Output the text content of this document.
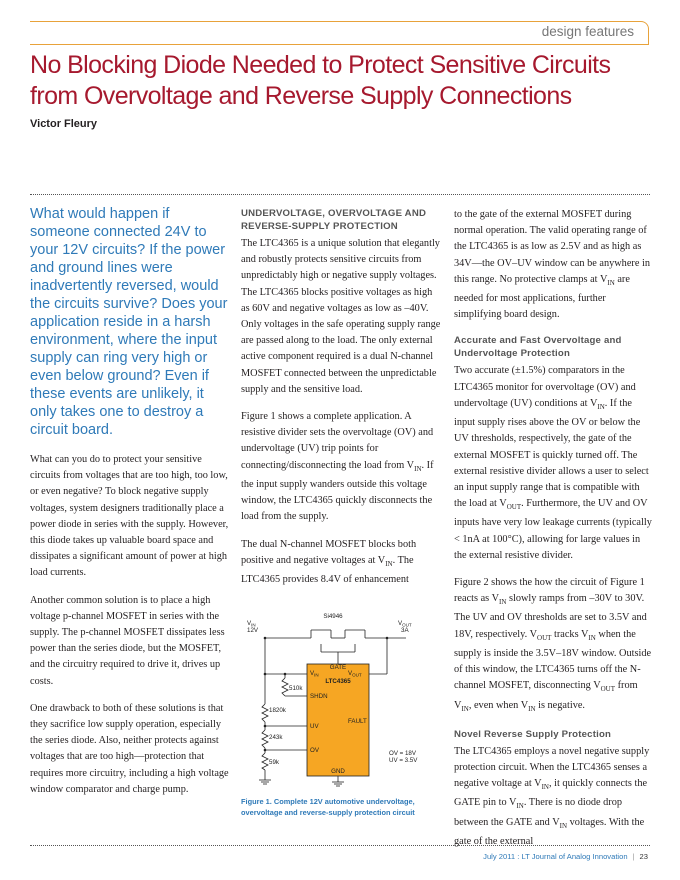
design features
No Blocking Diode Needed to Protect Sensitive Circuits from Overvoltage and Reverse Supply Connections
Victor Fleury
What would happen if someone connected 24V to your 12V circuits? If the power and ground lines were inadvertently reversed, would the circuits survive? Does your application reside in a harsh environment, where the input supply can ring very high or even below ground? Even if these events are unlikely, it only takes one to destroy a circuit board.

What can you do to protect your sensitive circuits from voltages that are too high, too low, or even negative? To block negative supply voltages, system designers traditionally place a power diode in series with the supply. However, this diode takes up valuable board space and dissipates a significant amount of power at high load currents.

Another common solution is to place a high voltage p-channel MOSFET in series with the supply. The p-channel MOSFET dissipates less power than the series diode, but the MOSFET, and the circuitry required to drive it, drives up costs.

One drawback to both of these solutions is that they sacrifice low supply operation, especially the series diode. Also, neither protects against voltages that are too high—protection that requires more circuitry, including a high voltage window comparator and charge pump.

UNDERVOLTAGE, OVERVOLTAGE AND REVERSE-SUPPLY PROTECTION

The LTC4365 is a unique solution that elegantly and robustly protects sensitive circuits from unpredictably high or negative supply voltages. The LTC4365 blocks positive voltages as high as 60V and negative voltages as low as –40V. Only voltages in the safe operating supply range are passed along to the load. The only external active component required is a dual N-channel MOSFET connected between the unpredictable supply and the sensitive load.

Figure 1 shows a complete application. A resistive divider sets the overvoltage (OV) and undervoltage (UV) trip points for connecting/disconnecting the load from $V_{IN}$. If the input supply wanders outside this voltage window, the LTC4365 quickly disconnects the load from the supply.

The dual N-channel MOSFET blocks both positive and negative voltages at $V_{IN}$. The LTC4365 provides 8.4V of enhancement

to the gate of the external MOSFET during normal operation. The valid operating range of the LTC4365 is as low as 2.5V and as high as 34V—the OV–UV window can be anywhere in this range. No protective clamps at $V_{IN}$ are needed for most applications, further simplifying board design.

Accurate and Fast Overvoltage and Undervoltage Protection

Two accurate (±1.5%) comparators in the LTC4365 monitor for overvoltage (OV) and undervoltage (UV) conditions at $V_{IN}$. If the input supply rises above the OV or below the UV thresholds, respectively, the gate of the external MOSFET is quickly turned off. The external resistive divider allows a user to select an input supply range that is compatible with the load at $V_{OUT}$. Furthermore, the UV and OV inputs have very low leakage currents (typically < 1nA at 100°C), allowing for large values in the external resistive divider.

Figure 2 shows the how the circuit of Figure 1 reacts as $V_{IN}$ slowly ramps from –30V to 30V. The UV and OV thresholds are set to 3.5V and 18V, respectively. $V_{OUT}$ tracks $V_{IN}$ when the supply is inside the 3.5V–18V window. Outside of this window, the LTC4365 turns off the N-channel MOSFET, disconnecting $V_{OUT}$ from $V_{IN}$, even when $V_{IN}$ is negative.

Novel Reverse Supply Protection

The LTC4365 employs a novel negative supply protection circuit. When the LTC4365 senses a negative voltage at $V_{IN}$, it quickly connects the GATE pin to $V_{IN}$. There is no diode drop between the GATE and $V_{IN}$ voltages. With the gate of the external

Si4946
$V_{IN}$
12V
$V_{OUT}$
3A
GATE
$V_{IN}$	$V_{OUT}$
LTC4365
SHDN
UV
FAULT
OV
GND
510k
1820k
243k
59k
OV = 18V
UV = 3.5V
Figure 1. Complete 12V automotive undervoltage, overvoltage and reverse-supply protection circuit
July 2011 : LT Journal of Analog Innovation | 23
